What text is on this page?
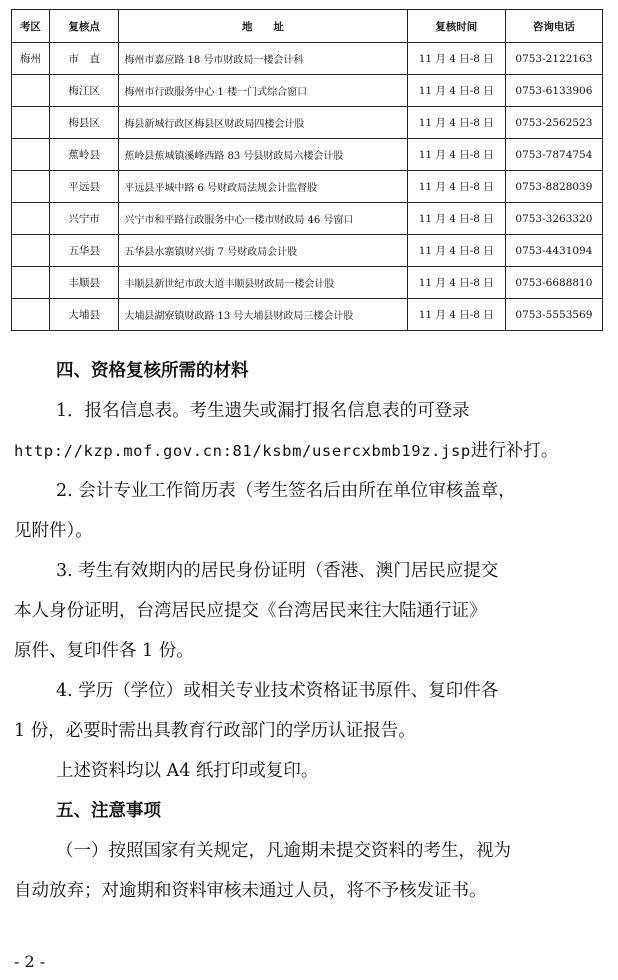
考区	复核点	地　　址	复核时间	咨询电话
梅州	市　直	梅州市嘉应路 18 号市财政局一楼会计科	11 月 4 日-8 日	0753-2122163
	梅江区	梅州市行政服务中心 1 楼一门式综合窗口	11 月 4 日-8 日	0753-6133906
	梅县区	梅县新城行政区梅县区财政局四楼会计股	11 月 4 日-8 日	0753-2562523
	蕉岭县	蕉岭县蕉城镇溪峰西路 83 号县财政局六楼会计股	11 月 4 日-8 日	0753-7874754
	平远县	平远县平城中路 6 号财政局法规会计监督股	11 月 4 日-8 日	0753-8828039
	兴宁市	兴宁市和平路行政服务中心一楼市财政局 46 号窗口	11 月 4 日-8 日	0753-3263320
	五华县	五华县水寨镇财兴街 7 号财政局会计股	11 月 4 日-8 日	0753-4431094
	丰顺县	丰顺县新世纪市政大道丰顺县财政局一楼会计股	11 月 4 日-8 日	0753-6688810
	大埔县	大埔县湖寮镇财政路 13 号大埔县财政局三楼会计股	11 月 4 日-8 日	0753-5553569
四、资格复核所需的材料
1．报名信息表。考生遗失或漏打报名信息表的可登录
http://kzp.mof.gov.cn:81/ksbm/usercxbmb19z.jsp进行补打。
2. 会计专业工作简历表（考生签名后由所在单位审核盖章，
见附件）。
3. 考生有效期内的居民身份证明（香港、澳门居民应提交
本人身份证明，台湾居民应提交《台湾居民来往大陆通行证》
原件、复印件各 1 份。
4. 学历（学位）或相关专业技术资格证书原件、复印件各
1 份，必要时需出具教育行政部门的学历认证报告。
上述资料均以 A4 纸打印或复印。
五、注意事项
（一）按照国家有关规定，凡逾期未提交资料的考生，视为
自动放弃；对逾期和资料审核未通过人员，将不予核发证书。
- 2 -
